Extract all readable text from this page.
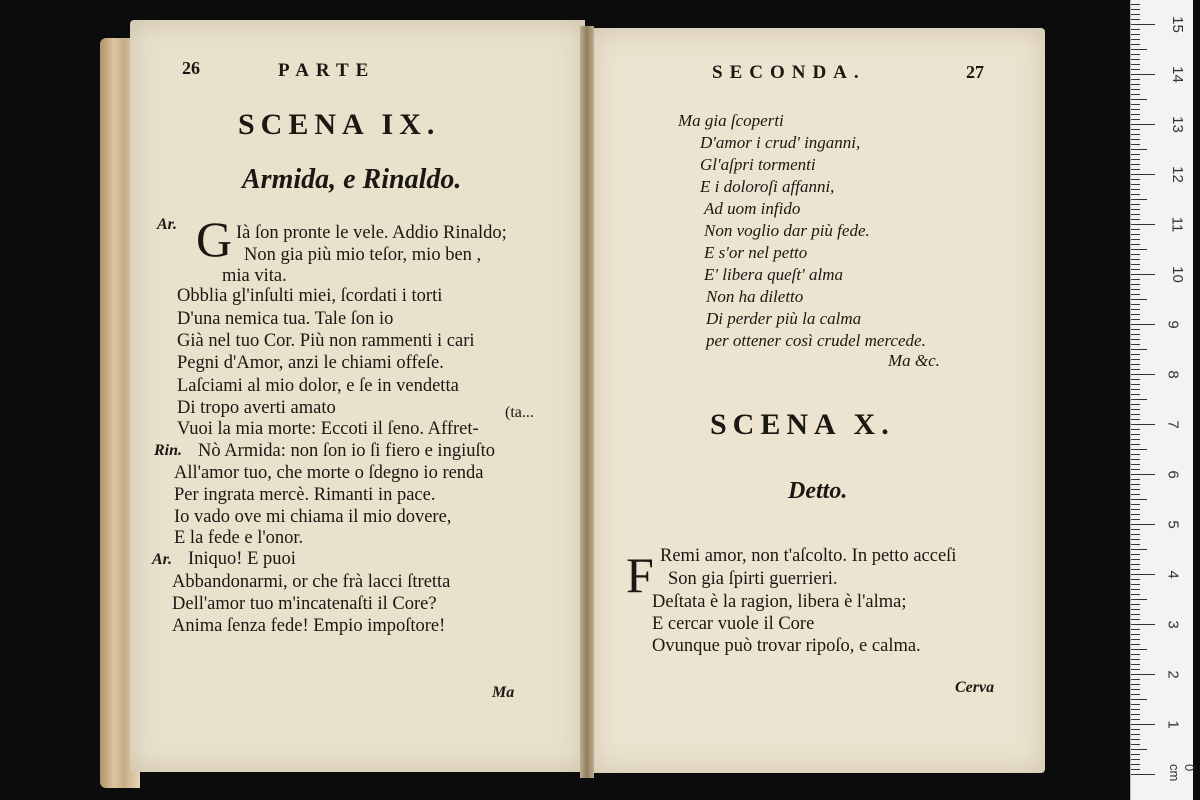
26	PARTE
SCENA IX.
Armida, e Rinaldo.
Ar. G Ià ſon pronte le vele. Addio Rinaldo;
Non gia più mio teſor, mio ben ,
mia vita.
Obblia gl'inſulti miei, ſcordati i torti
D'una nemica tua. Tale ſon io
Già nel tuo Cor. Più non rammenti i cari
Pegni d'Amor, anzi le chiami offeſe.
Laſciami al mio dolor, e ſe in vendetta
Di tropo averti amato	(ta...
Vuoi la mia morte: Eccoti il ſeno. Affret-
Rin. Nò Armida: non ſon io ſi fiero e ingiuſto
All'amor tuo, che morte o ſdegno io renda
Per ingrata mercè. Rimanti in pace.
Io vado ove mi chiama il mio dovere,
E la fede e l'onor.
Ar. Iniquo! E puoi
Abbandonarmi, or che frà lacci ſtretta
Dell'amor tuo m'incatenaſti il Core?
Anima ſenza fede! Empio impoſtore!
Ma
SECONDA.	27
Ma gia ſcoperti
D'amor i crud' inganni,
Gl'aſpri tormenti
E i doloroſi affanni,
Ad uom infido
Non voglio dar più fede.
E s'or nel petto
E' libera queſt' alma
Non ha diletto
Di perder più la calma
per ottener così crudel mercede.
Ma &c.
SCENA X.
Detto.
F Remi amor, non t'aſcolto. In petto acceſi
Son gia ſpirti guerrieri.
Deſtata è la ragion, libera è l'alma;
E cercar vuole il Core
Ovunque può trovar ripoſo, e calma.
Cerva
1
2
3
4
5
6
7
8
9
10
11
12
13
14
15
0 cm
